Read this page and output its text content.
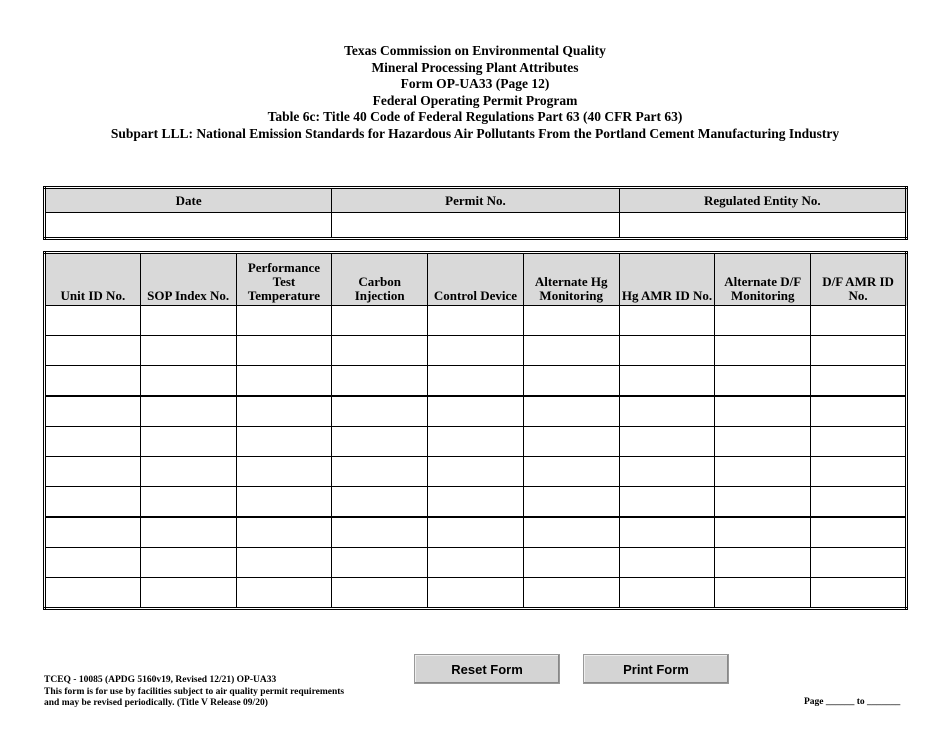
Texas Commission on Environmental Quality
Mineral Processing Plant Attributes
Form OP-UA33 (Page 12)
Federal Operating Permit Program
Table 6c: Title 40 Code of Federal Regulations Part 63 (40 CFR Part 63)
Subpart LLL: National Emission Standards for Hazardous Air Pollutants From the Portland Cement Manufacturing Industry
Date	Permit No.	Regulated Entity No.

Unit ID No.	SOP Index No.	Performance Test Temperature	Carbon Injection	Control Device	Alternate Hg Monitoring	Hg AMR ID No.	Alternate D/F Monitoring	D/F AMR ID No.

Reset Form	Print Form
TCEQ - 10085 (APDG 5160v19, Revised 12/21) OP-UA33
This form is for use by facilities subject to air quality permit requirements
and may be revised periodically. (Title V Release 09/20)	Page ______ to _______
